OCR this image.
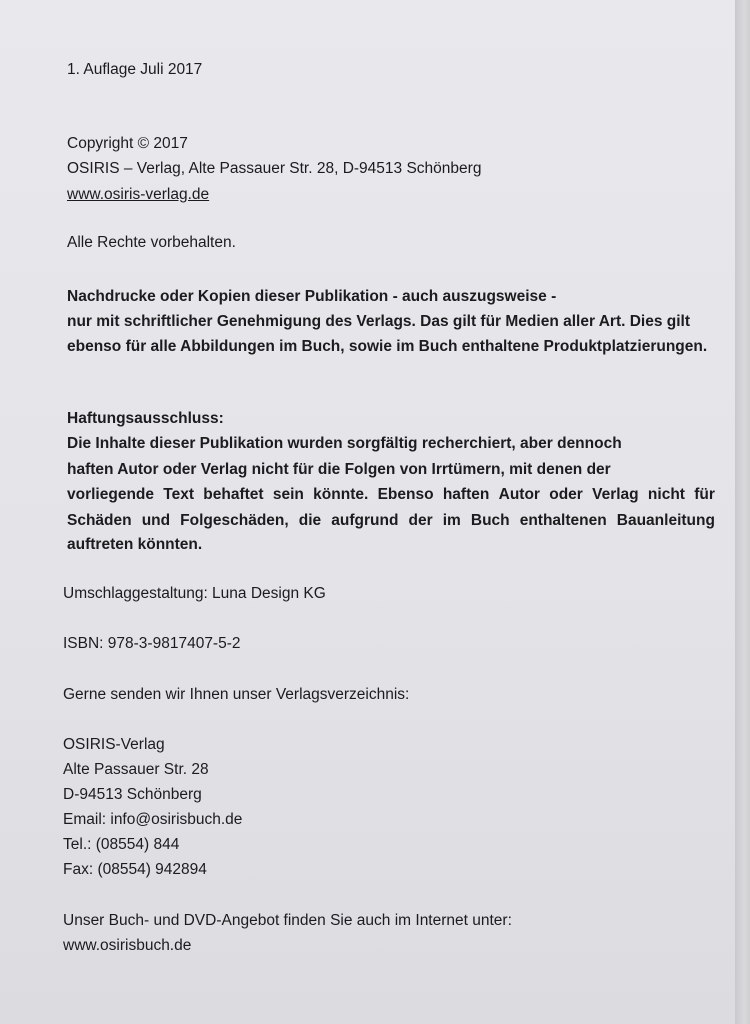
1. Auflage Juli 2017
Copyright © 2017
OSIRIS – Verlag, Alte Passauer Str. 28, D-94513 Schönberg
www.osiris-verlag.de
Alle Rechte vorbehalten.
Nachdrucke oder Kopien dieser Publikation - auch auszugsweise -
nur mit schriftlicher Genehmigung des Verlags. Das gilt für Medien aller Art. Dies gilt
ebenso für alle Abbildungen im Buch, sowie im Buch enthaltene Produktplatzierungen.
Haftungsausschluss:
Die Inhalte dieser Publikation wurden sorgfältig recherchiert, aber dennoch
haften Autor oder Verlag nicht für die Folgen von Irrtümern, mit denen der
vorliegende Text behaftet sein könnte. Ebenso haften Autor oder Verlag nicht für
Schäden und Folgeschäden, die aufgrund der im Buch enthaltenen Bauanleitung
auftreten könnten.
Umschlaggestaltung: Luna Design KG
ISBN: 978-3-9817407-5-2
Gerne senden wir Ihnen unser Verlagsverzeichnis:
OSIRIS-Verlag
Alte Passauer Str. 28
D-94513 Schönberg
Email: info@osirisbuch.de
Tel.: (08554) 844
Fax: (08554) 942894
Unser Buch- und DVD-Angebot finden Sie auch im Internet unter:
www.osirisbuch.de
